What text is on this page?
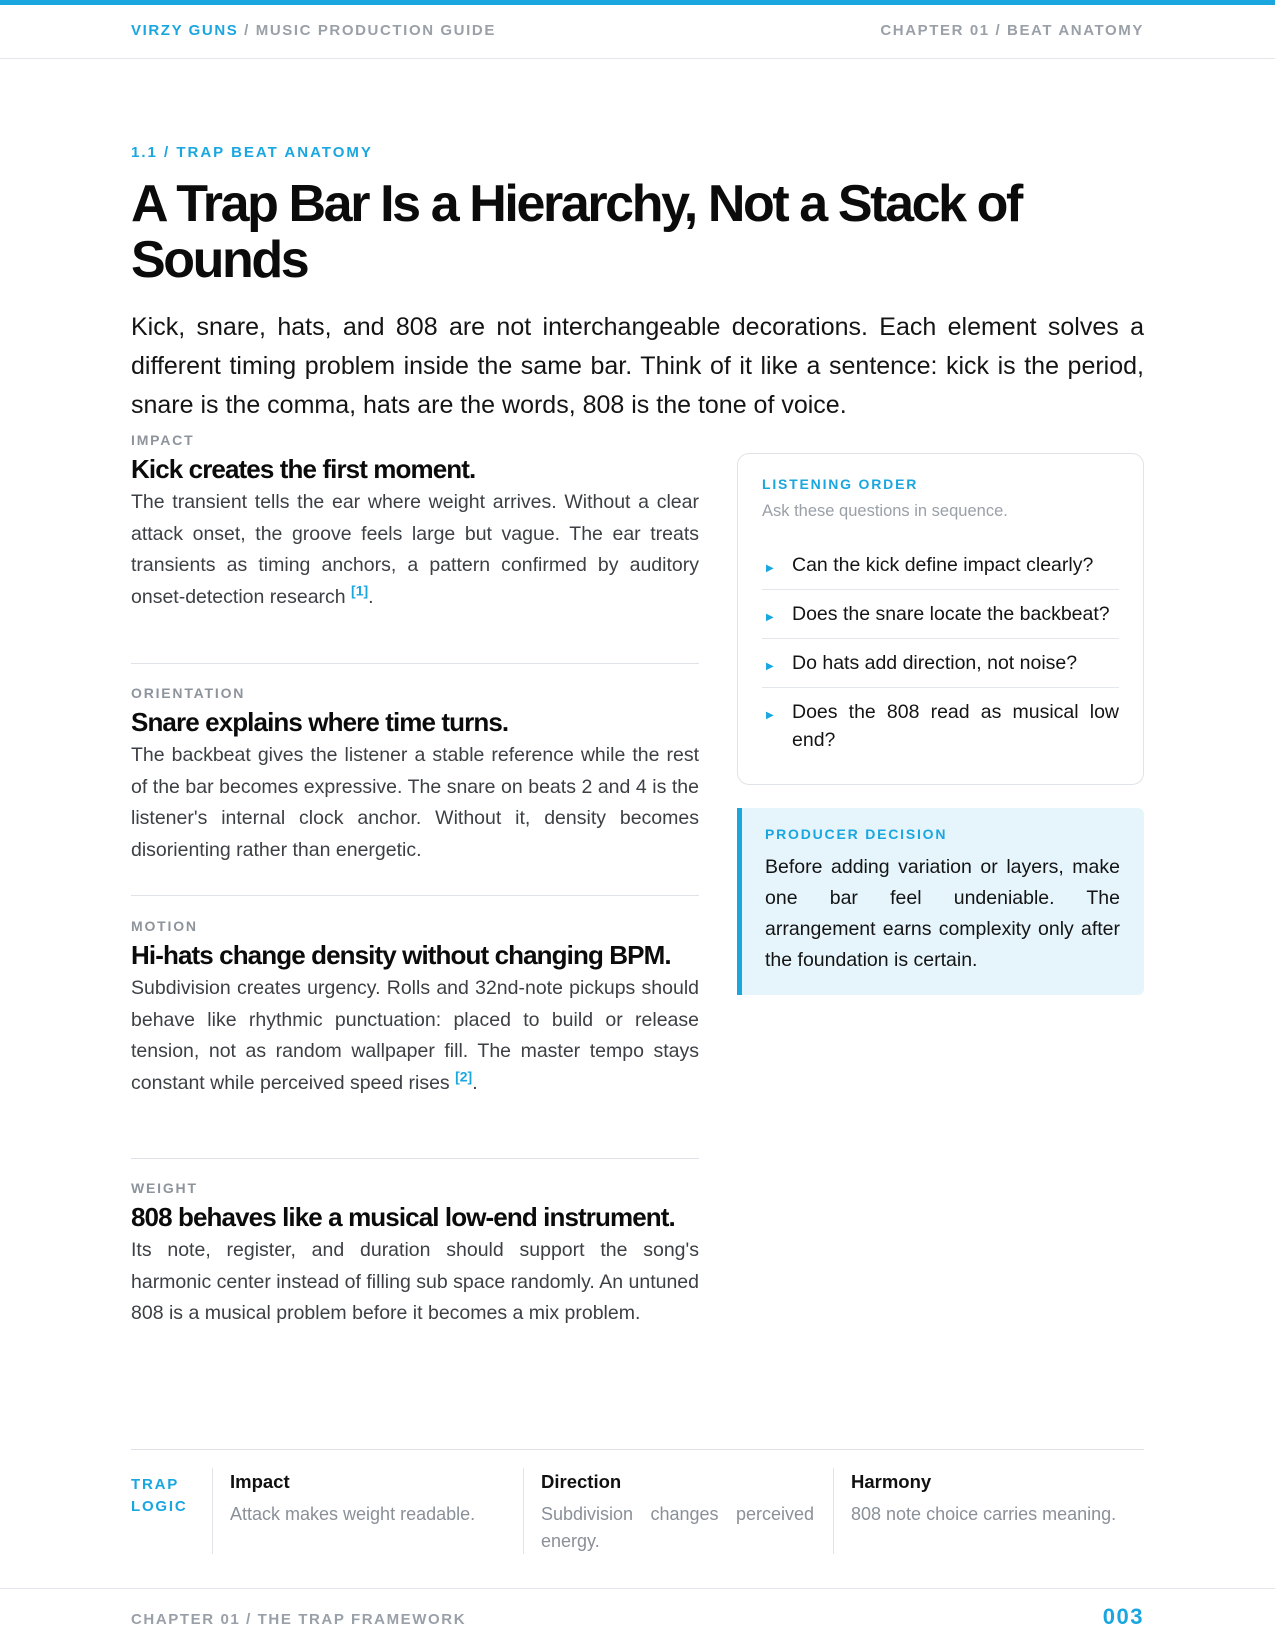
VIRZY GUNS / MUSIC PRODUCTION GUIDE	CHAPTER 01 / BEAT ANATOMY
1.1 / TRAP BEAT ANATOMY
A Trap Bar Is a Hierarchy, Not a Stack of Sounds

Kick, snare, hats, and 808 are not interchangeable decorations. Each element solves a different timing problem inside the same bar. Think of it like a sentence: kick is the period, snare is the comma, hats are the words, 808 is the tone of voice.

IMPACT
Kick creates the first moment.

The transient tells the ear where weight arrives. Without a clear attack onset, the groove feels large but vague. The ear treats transients as timing anchors, a pattern confirmed by auditory onset-detection research [1].

ORIENTATION
Snare explains where time turns.

The backbeat gives the listener a stable reference while the rest of the bar becomes expressive. The snare on beats 2 and 4 is the listener's internal clock anchor. Without it, density becomes disorienting rather than energetic.

MOTION
Hi-hats change density without changing BPM.

Subdivision creates urgency. Rolls and 32nd-note pickups should behave like rhythmic punctuation: placed to build or release tension, not as random wallpaper fill. The master tempo stays constant while perceived speed rises [2].

WEIGHT
808 behaves like a musical low-end instrument.

Its note, register, and duration should support the song's harmonic center instead of filling sub space randomly. An untuned 808 is a musical problem before it becomes a mix problem.

LISTENING ORDER
Ask these questions in sequence.
▶ Can the kick define impact clearly?
▶ Does the snare locate the backbeat?
▶ Do hats add direction, not noise?
▶ Does the 808 read as musical low end?
PRODUCER DECISION

Before adding variation or layers, make one bar feel undeniable. The arrangement earns complexity only after the foundation is certain.

TRAP LOGIC
Impact
Attack makes weight readable.
Direction
Subdivision changes perceived energy.
Harmony
808 note choice carries meaning.
CHAPTER 01 / THE TRAP FRAMEWORK	003
